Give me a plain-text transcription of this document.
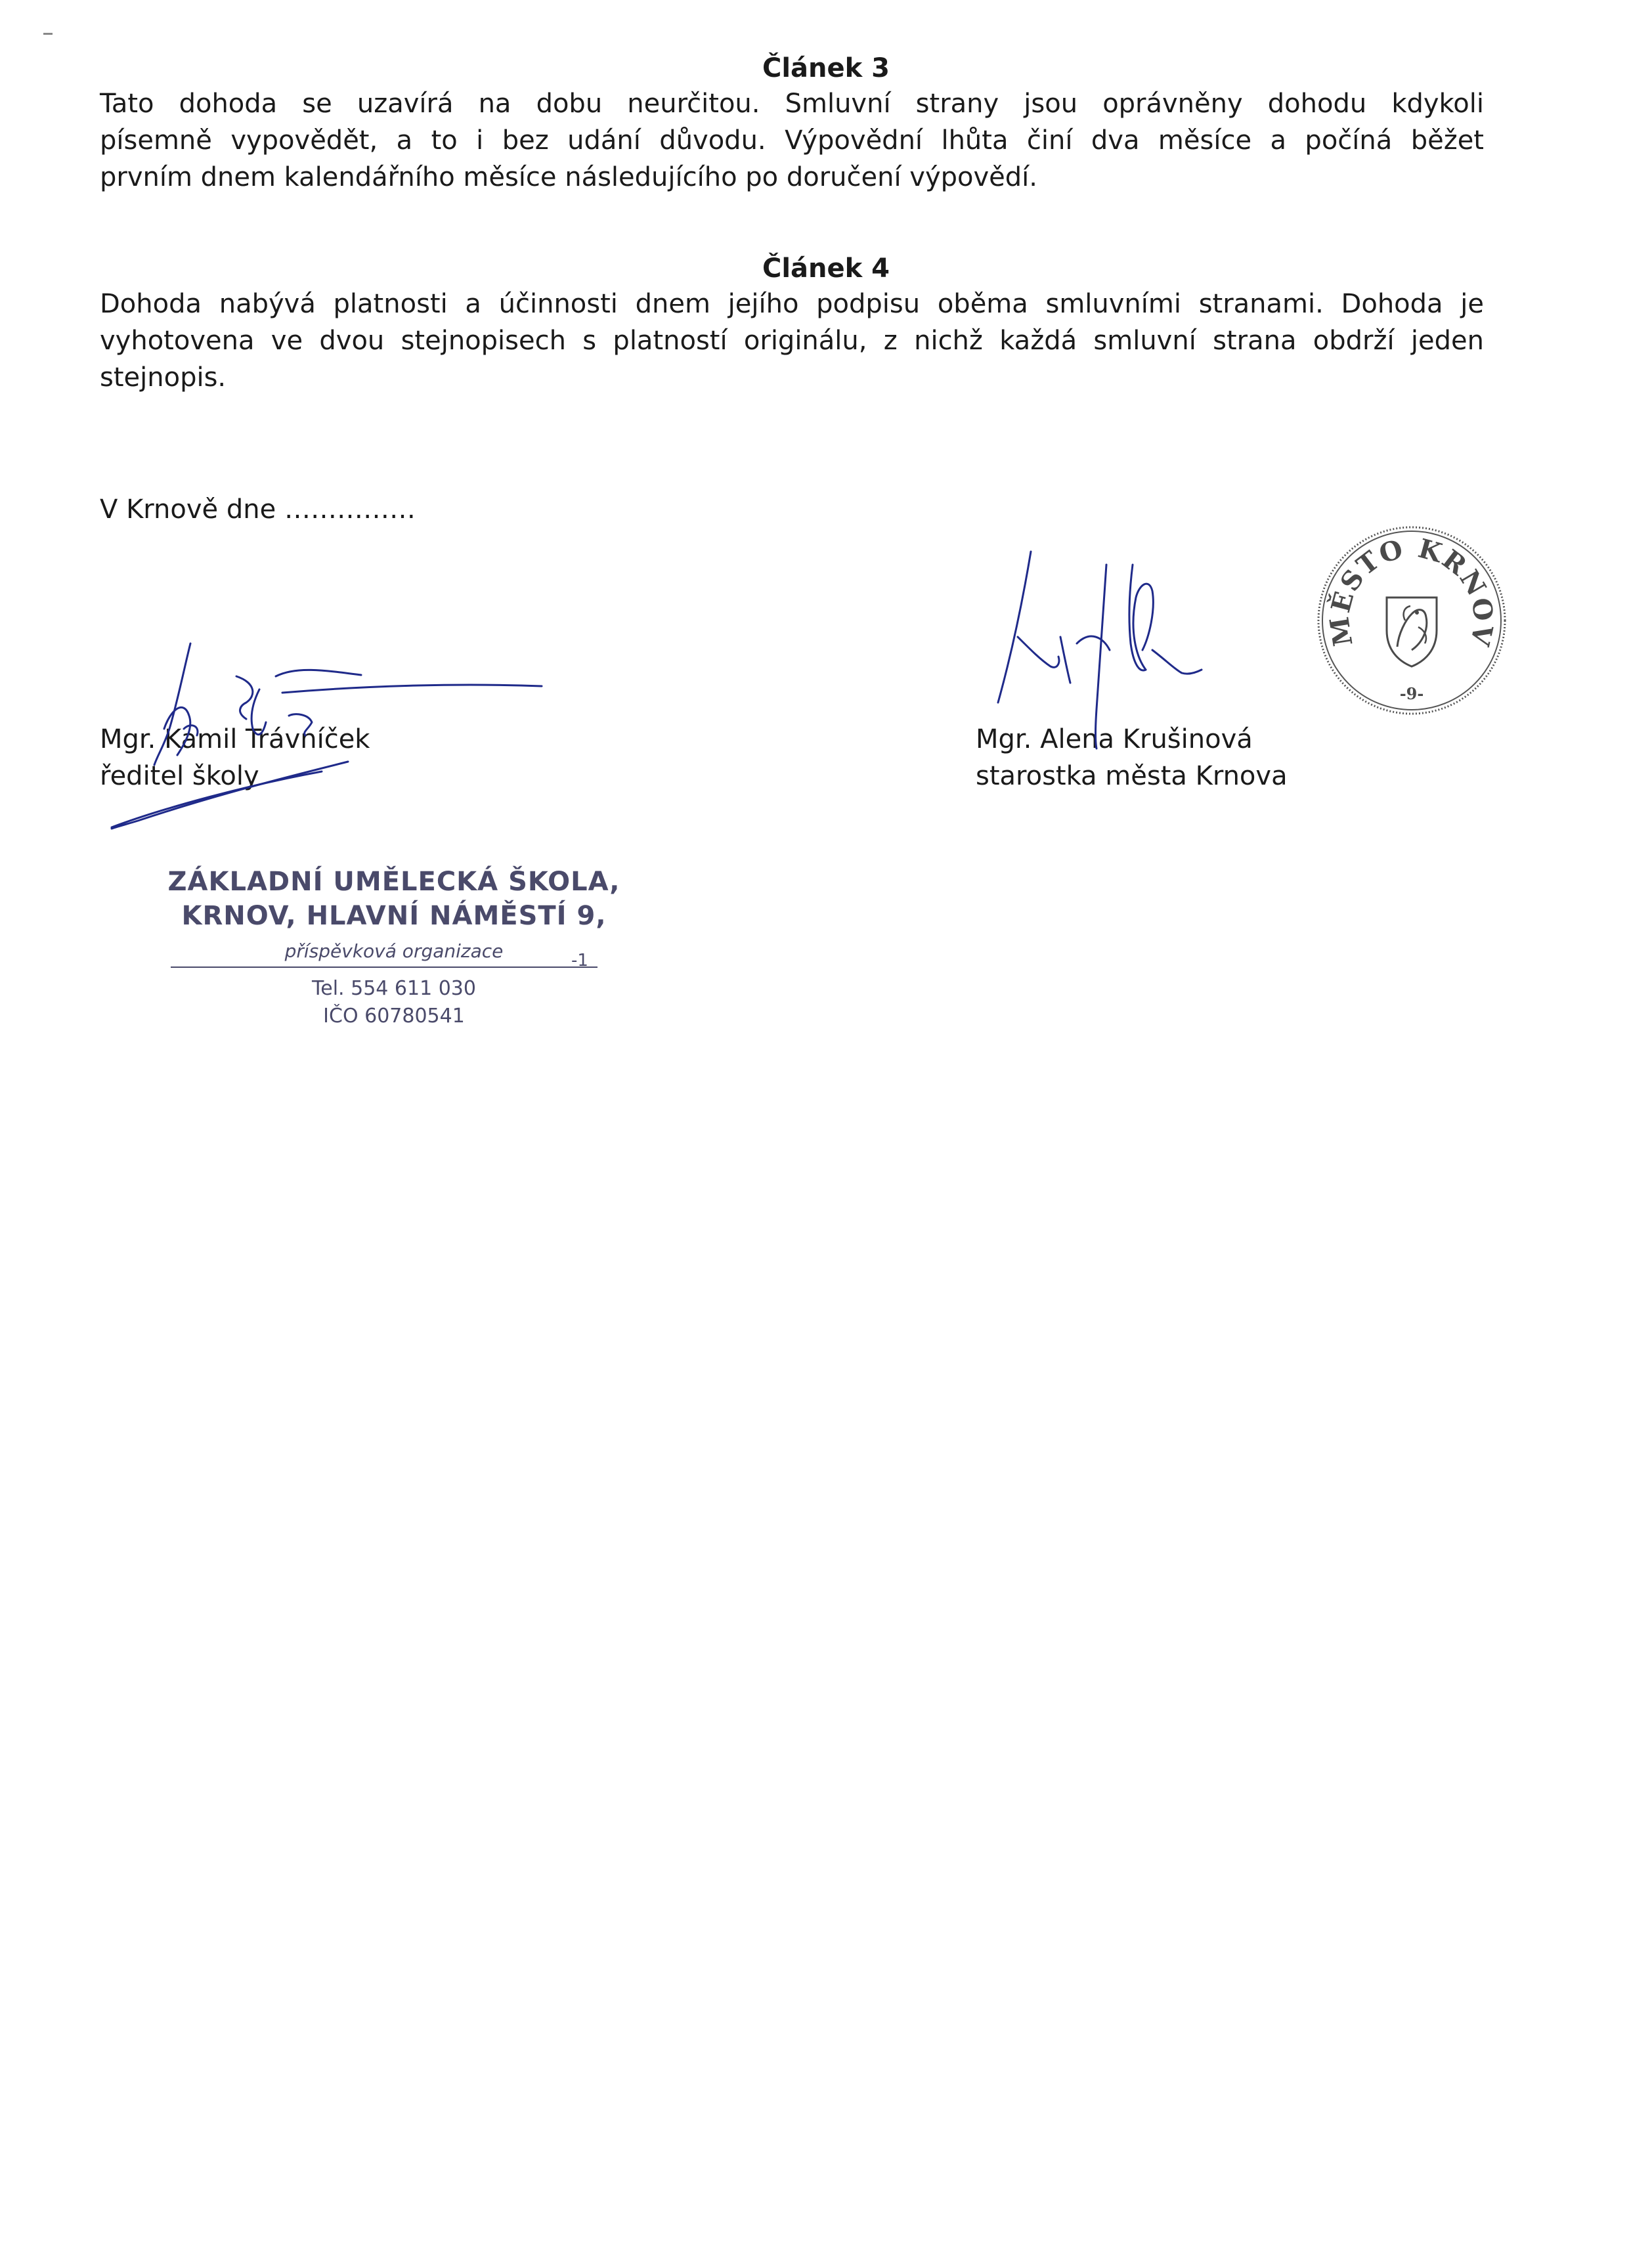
Článek 3
Tato dohoda se uzavírá na dobu neurčitou. Smluvní strany jsou oprávněny dohodu kdykoli
písemně vypovědět, a to i bez udání důvodu. Výpovědní lhůta činí dva měsíce a počíná běžet
prvním dnem kalendářního měsíce následujícího po doručení výpovědí.
Článek 4
Dohoda nabývá platnosti a účinnosti dnem jejího podpisu oběma smluvními stranami. Dohoda je
vyhotovena ve dvou stejnopisech s platností originálu, z nichž každá smluvní strana obdrží jeden
stejnopis.
V Krnově dne ……………
Mgr. Kamil Trávníček
ředitel školy
Mgr. Alena Krušinová
starostka města Krnova
MĚSTO KRNOV
-9-
ZÁKLADNÍ UMĚLECKÁ ŠKOLA,
KRNOV, HLAVNÍ NÁMĚSTÍ 9,
příspěvková organizace	-1
Tel. 554 611 030
IČO 60780541
